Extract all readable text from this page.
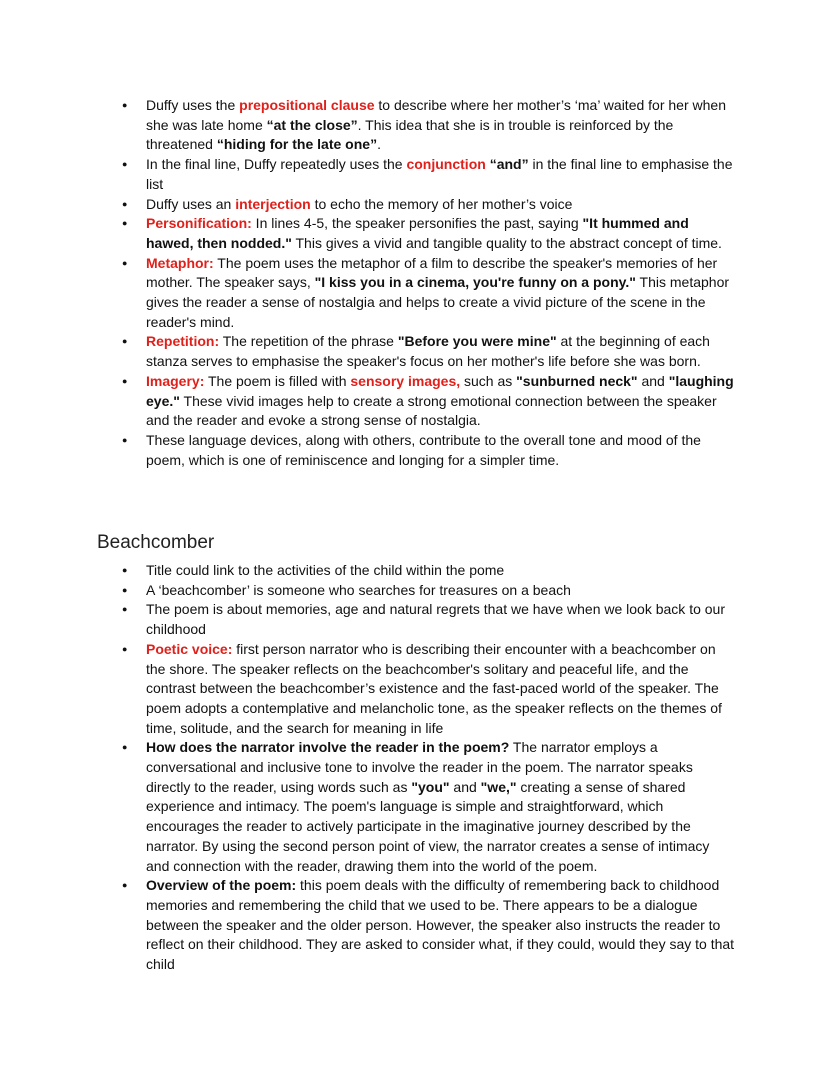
● Duffy uses the prepositional clause to describe where her mother’s ‘ma’ waited for her when she was late home “at the close”. This idea that she is in trouble is reinforced by the threatened “hiding for the late one”.
● In the final line, Duffy repeatedly uses the conjunction “and” in the final line to emphasise the list
● Duffy uses an interjection to echo the memory of her mother’s voice
● Personification: In lines 4-5, the speaker personifies the past, saying "It hummed and hawed, then nodded." This gives a vivid and tangible quality to the abstract concept of time.
● Metaphor: The poem uses the metaphor of a film to describe the speaker's memories of her mother. The speaker says, "I kiss you in a cinema, you're funny on a pony." This metaphor gives the reader a sense of nostalgia and helps to create a vivid picture of the scene in the reader's mind.
● Repetition: The repetition of the phrase "Before you were mine" at the beginning of each stanza serves to emphasise the speaker's focus on her mother's life before she was born.
● Imagery: The poem is filled with sensory images, such as "sunburned neck" and "laughing eye." These vivid images help to create a strong emotional connection between the speaker and the reader and evoke a strong sense of nostalgia.
● These language devices, along with others, contribute to the overall tone and mood of the poem, which is one of reminiscence and longing for a simpler time.
Beachcomber
● Title could link to the activities of the child within the pome
● A ‘beachcomber’ is someone who searches for treasures on a beach
● The poem is about memories, age and natural regrets that we have when we look back to our childhood
● Poetic voice: first person narrator who is describing their encounter with a beachcomber on the shore. The speaker reflects on the beachcomber's solitary and peaceful life, and the contrast between the beachcomber’s existence and the fast-paced world of the speaker. The poem adopts a contemplative and melancholic tone, as the speaker reflects on the themes of time, solitude, and the search for meaning in life
● How does the narrator involve the reader in the poem? The narrator employs a conversational and inclusive tone to involve the reader in the poem. The narrator speaks directly to the reader, using words such as "you" and "we," creating a sense of shared experience and intimacy. The poem's language is simple and straightforward, which encourages the reader to actively participate in the imaginative journey described by the narrator. By using the second person point of view, the narrator creates a sense of intimacy and connection with the reader, drawing them into the world of the poem.
● Overview of the poem: this poem deals with the difficulty of remembering back to childhood memories and remembering the child that we used to be. There appears to be a dialogue between the speaker and the older person. However, the speaker also instructs the reader to reflect on their childhood. They are asked to consider what, if they could, would they say to that child
